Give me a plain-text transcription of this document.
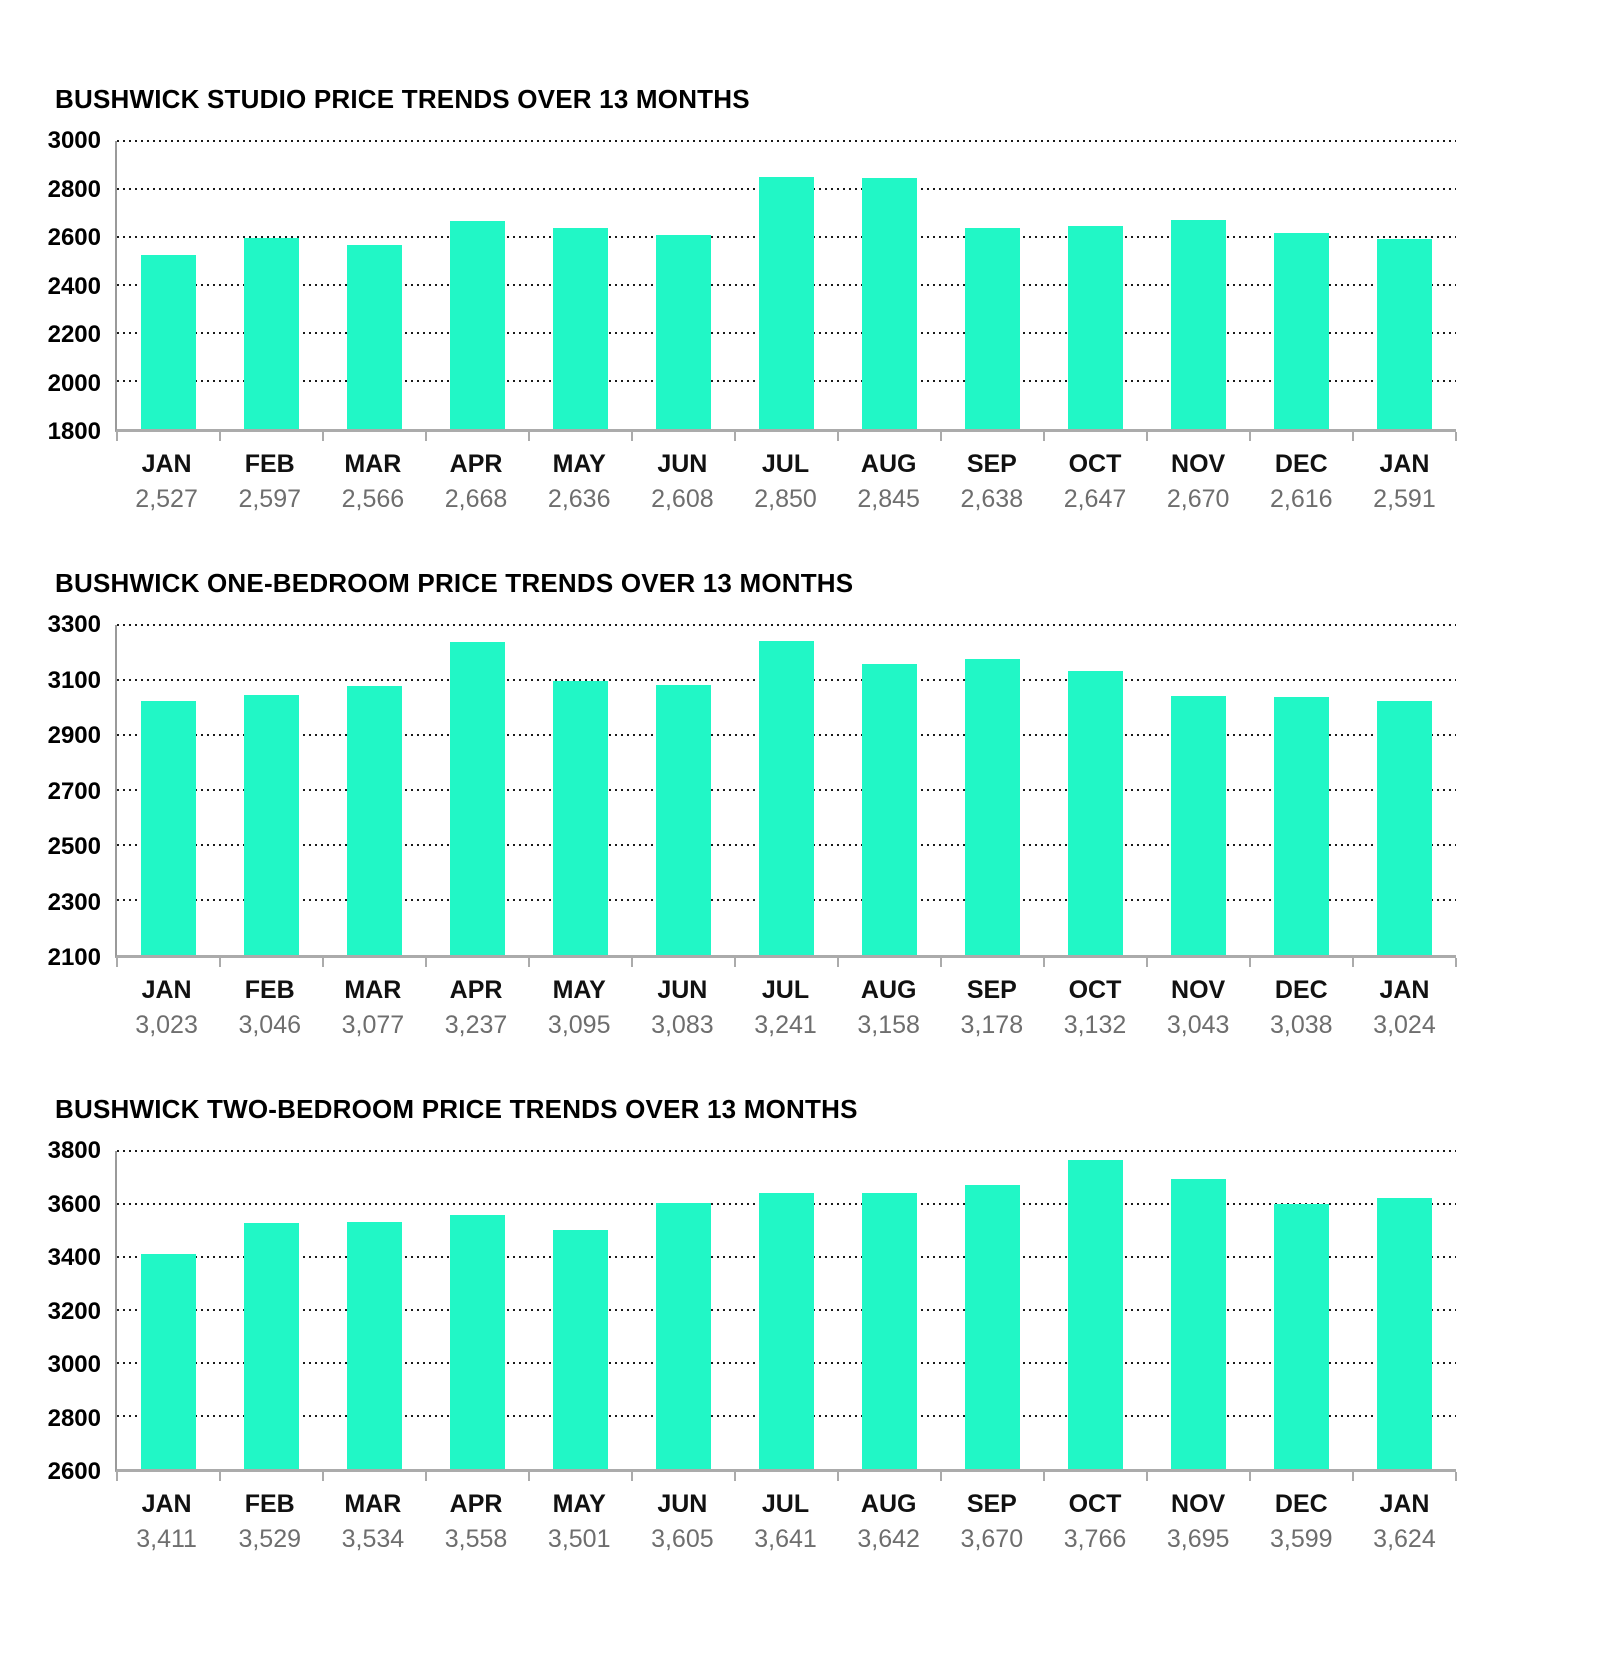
BUSHWICK STUDIO PRICE TRENDS OVER 13 MONTHS
3000
2800
2600
2400
2200
2000
1800
JAN
2,527
FEB
2,597
MAR
2,566
APR
2,668
MAY
2,636
JUN
2,608
JUL
2,850
AUG
2,845
SEP
2,638
OCT
2,647
NOV
2,670
DEC
2,616
JAN
2,591
BUSHWICK ONE-BEDROOM PRICE TRENDS OVER 13 MONTHS
3300
3100
2900
2700
2500
2300
2100
JAN
3,023
FEB
3,046
MAR
3,077
APR
3,237
MAY
3,095
JUN
3,083
JUL
3,241
AUG
3,158
SEP
3,178
OCT
3,132
NOV
3,043
DEC
3,038
JAN
3,024
BUSHWICK TWO-BEDROOM PRICE TRENDS OVER 13 MONTHS
3800
3600
3400
3200
3000
2800
2600
JAN
3,411
FEB
3,529
MAR
3,534
APR
3,558
MAY
3,501
JUN
3,605
JUL
3,641
AUG
3,642
SEP
3,670
OCT
3,766
NOV
3,695
DEC
3,599
JAN
3,624
